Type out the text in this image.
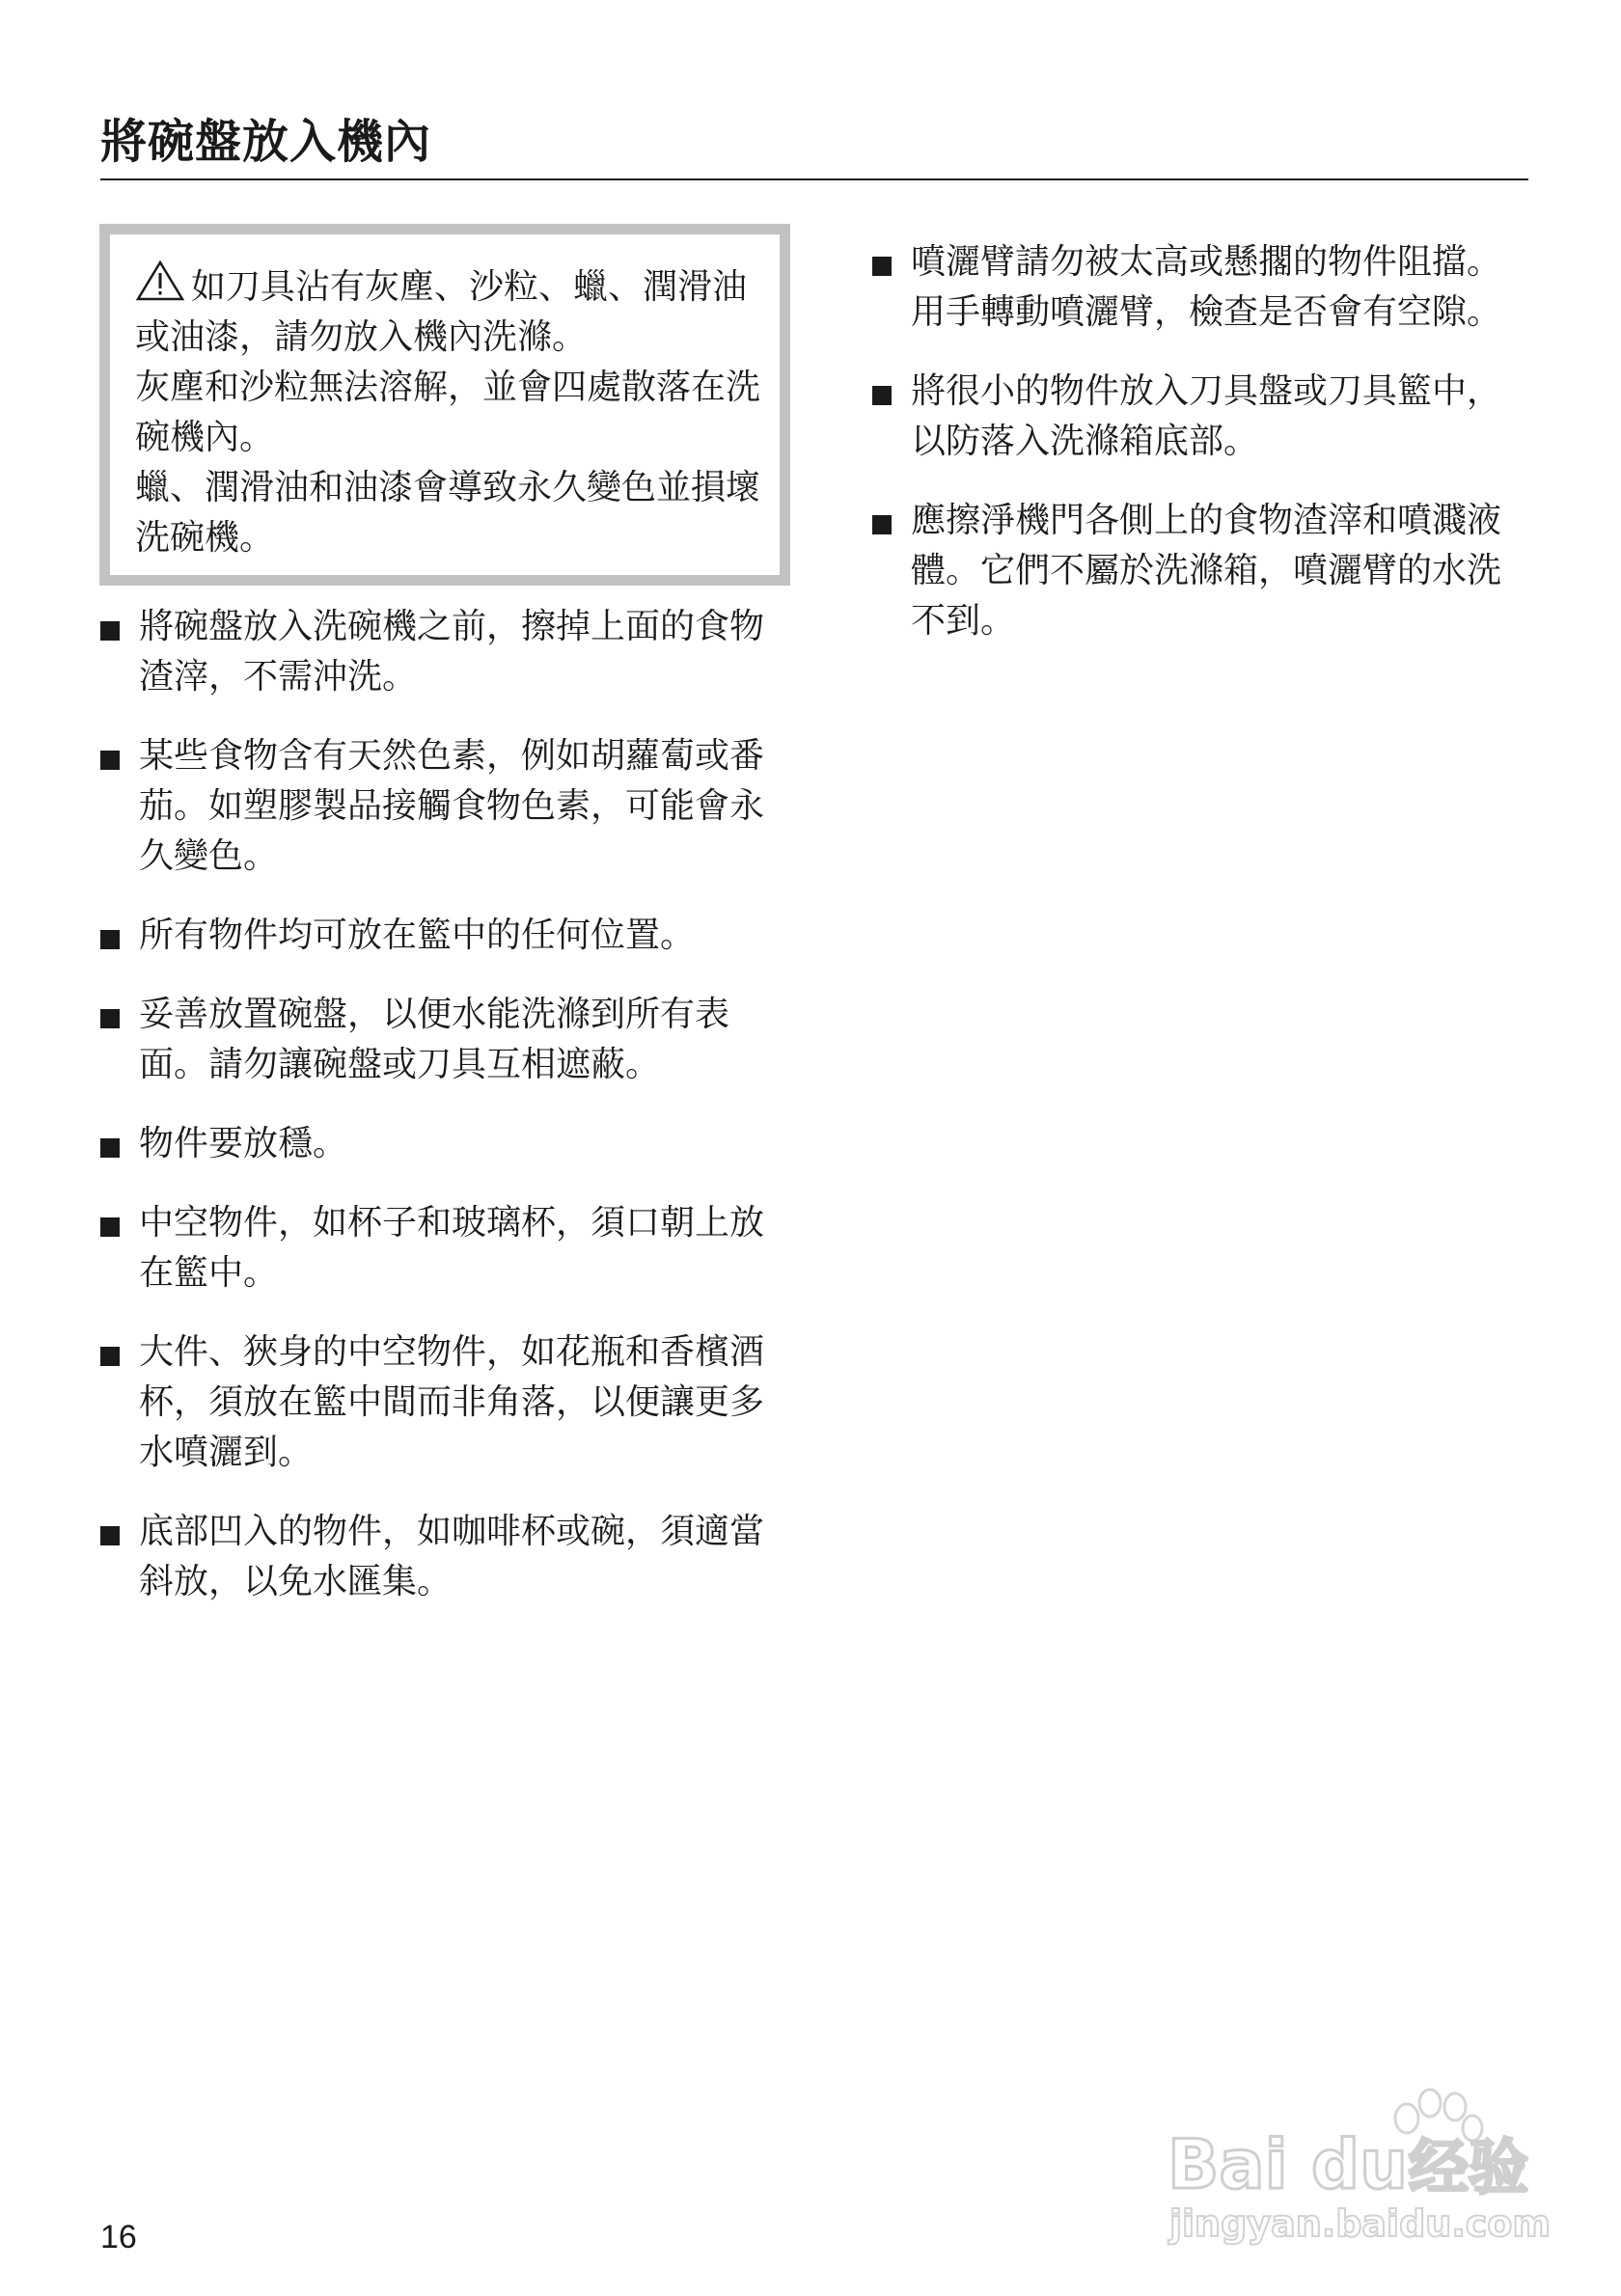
將碗盤放入機內

如刀具沾有灰塵、沙粒、蠟、潤滑油或油漆，請勿放入機內洗滌。

灰塵和沙粒無法溶解，並會四處散落在洗碗機內。

蠟、潤滑油和油漆會導致永久變色並損壞洗碗機。

將碗盤放入洗碗機之前，擦掉上面的食物渣滓，不需沖洗。
某些食物含有天然色素，例如胡蘿蔔或番茄。如塑膠製品接觸食物色素，可能會永久變色。
所有物件均可放在籃中的任何位置。
妥善放置碗盤，以便水能洗滌到所有表面。請勿讓碗盤或刀具互相遮蔽。
物件要放穩。
中空物件，如杯子和玻璃杯，須口朝上放在籃中。
大件、狹身的中空物件，如花瓶和香檳酒杯，須放在籃中間而非角落，以便讓更多水噴灑到。
底部凹入的物件，如咖啡杯或碗，須適當斜放，以免水匯集。
噴灑臂請勿被太高或懸擱的物件阻擋。用手轉動噴灑臂，檢查是否會有空隙。
將很小的物件放入刀具盤或刀具籃中，以防落入洗滌箱底部。
應擦淨機門各側上的食物渣滓和噴濺液體。它們不屬於洗滌箱，噴灑臂的水洗不到。
16
Bai du 经验
jingyan.baidu.com
